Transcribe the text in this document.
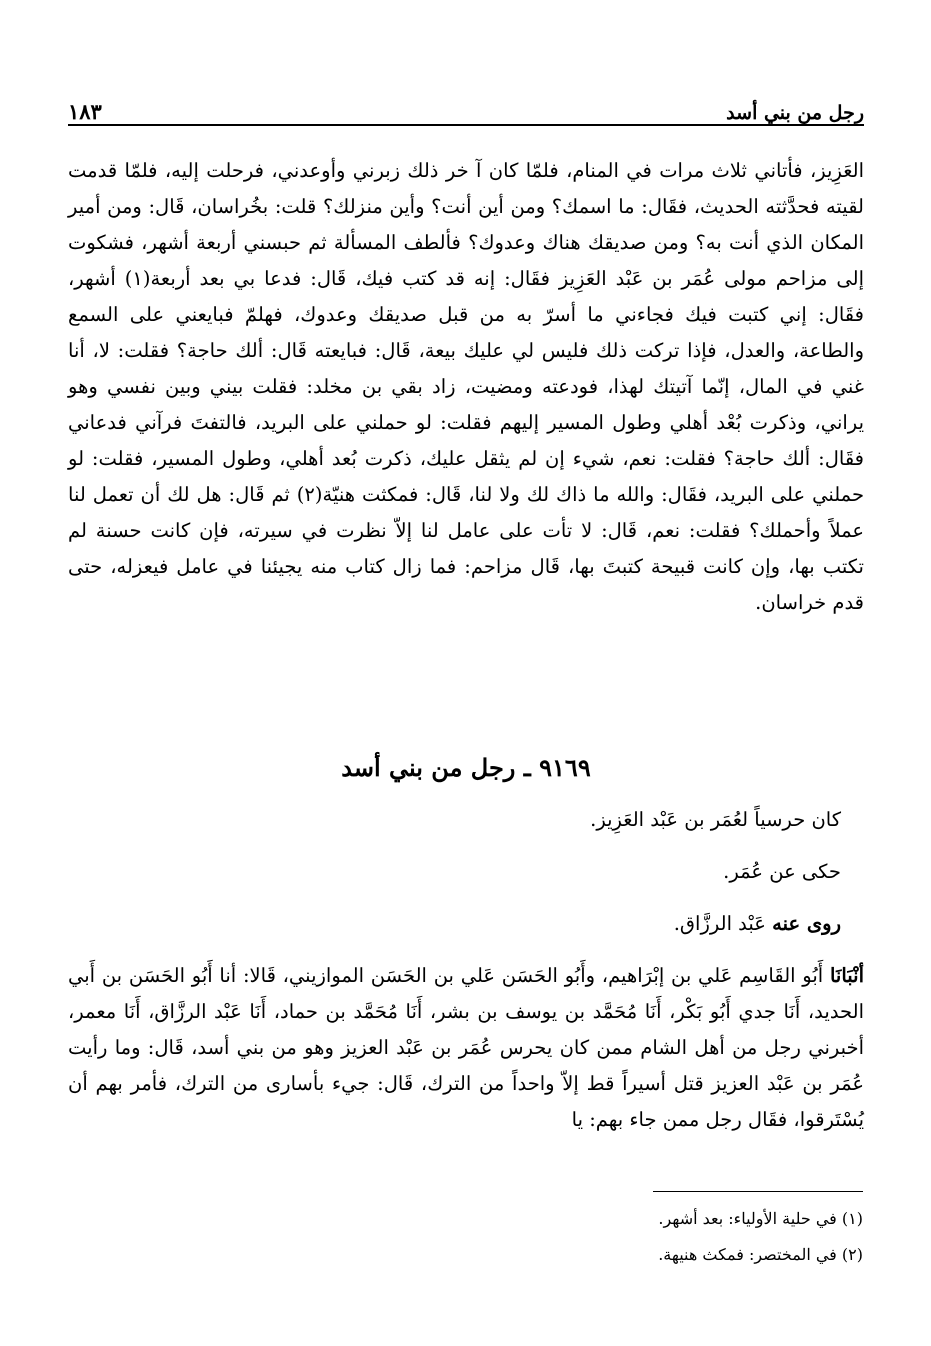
رجل من بني أسد
١٨٣

العَزِيز، فأتاني ثلاث مرات في المنام، فلمّا كان آ خر ذلك زبرني وأوعدني، فرحلت إليه، فلمّا قدمت لقيته فحدَّثته الحديث، فقَال: ما اسمك؟ ومن أين أنت؟ وأين منزلك؟ قلت: بخُراسان، قَال: ومن أمير المكان الذي أنت به؟ ومن صديقك هناك وعدوك؟ فألطف المسألة ثم حبسني أربعة أشهر، فشكوت إلى مزاحم مولى عُمَر بن عَبْد العَزِيز فقَال: إنه قد كتب فيك، قَال: فدعا بي بعد أربعة(١) أشهر، فقَال: إني كتبت فيك فجاءني ما أسرّ به من قبل صديقك وعدوك، فهلمّ فبايعني على السمع والطاعة، والعدل، فإذا تركت ذلك فليس لي عليك بيعة، قَال: فبايعته قَال: ألك حاجة؟ فقلت: لا، أنا غني في المال، إنّما آتيتك لهذا، فودعته ومضيت، زاد بقي بن مخلد: فقلت بيني وبين نفسي وهو يراني، وذكرت بُعْد أهلي وطول المسير إليهم فقلت: لو حملني على البريد، فالتفتَ فرآني فدعاني فقَال: ألك حاجة؟ فقلت: نعم، شيء إن لم يثقل عليك، ذكرت بُعد أهلي، وطول المسير، فقلت: لو حملني على البريد، فقَال: والله ما ذاك لك ولا لنا، قَال: فمكثت هنيّة(٢) ثم قَال: هل لك أن تعمل لنا عملاً وأحملك؟ فقلت: نعم، قَال: لا تأت على عامل لنا إلاّ نظرت في سيرته، فإن كانت حسنة لم تكتب بها، وإن كانت قبيحة كتبتَ بها، قَال مزاحم: فما زال كتاب منه يجيئنا في عامل فيعزله، حتى قدم خراسان.

٩١٦٩ ـ رجل من بني أسد
كان حرسياً لعُمَر بن عَبْد العَزِيز.
حكى عن عُمَر.
روى عنه عَبْد الرزَّاق.

أنْبَانَا أَبُو القَاسِم عَلي بن إبْرَاهيم، وأَبُو الحَسَن عَلي بن الحَسَن الموازيني، قَالا: أنا أَبُو الحَسَن بن أَبي الحديد، أَنَا جدي أَبُو بَكْر، أَنَا مُحَمَّد بن يوسف بن بشر، أَنَا مُحَمَّد بن حماد، أَنَا عَبْد الرزَّاق، أَنَا معمر، أخبرني رجل من أهل الشام ممن كان يحرس عُمَر بن عَبْد العزيز وهو من بني أسد، قَال: وما رأيت عُمَر بن عَبْد العزيز قتل أسيراً قط إلاّ واحداً من الترك، قَال: جيء بأسارى من الترك، فأمر بهم أن يُسْتَرقوا، فقَال رجل ممن جاء بهم: يا

(١) في حلية الأولياء: بعد أشهر.
(٢) في المختصر: فمكث هنيهة.
